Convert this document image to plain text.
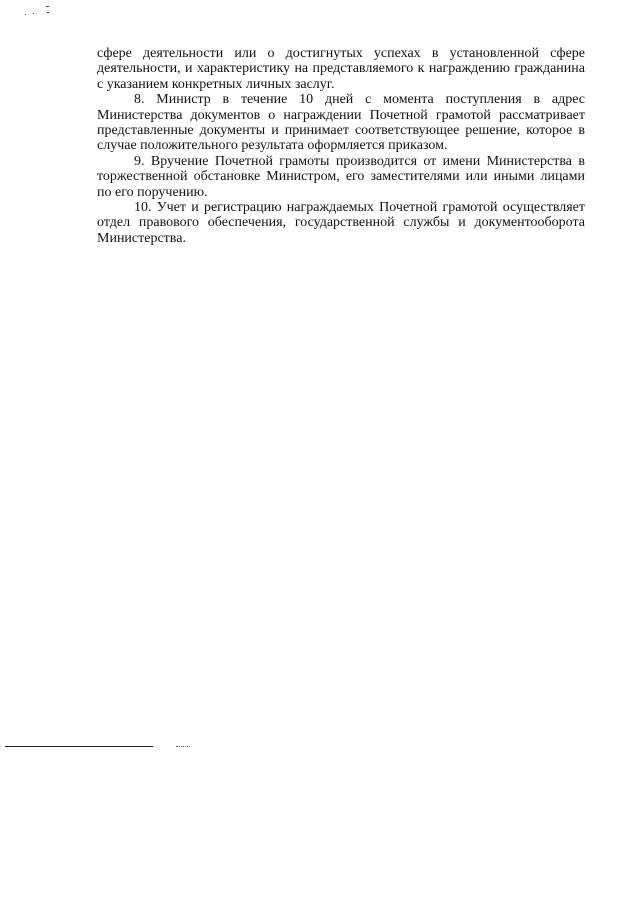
сфере деятельности или о достигнутых успехах в установленной сфере деятельности, и характеристику на представляемого к награждению гражданина с указанием конкретных личных заслуг.

8. Министр в течение 10 дней с момента поступления в адрес Министерства документов о награждении Почетной грамотой рассматривает представленные документы и принимает соответствующее решение, которое в случае положительного результата оформляется приказом.

9. Вручение Почетной грамоты производится от имени Министерства в торжественной обстановке Министром, его заместителями или иными лицами по его поручению.

10. Учет и регистрацию награждаемых Почетной грамотой осуществляет отдел правового обеспечения, государственной службы и документооборота Министерства.
